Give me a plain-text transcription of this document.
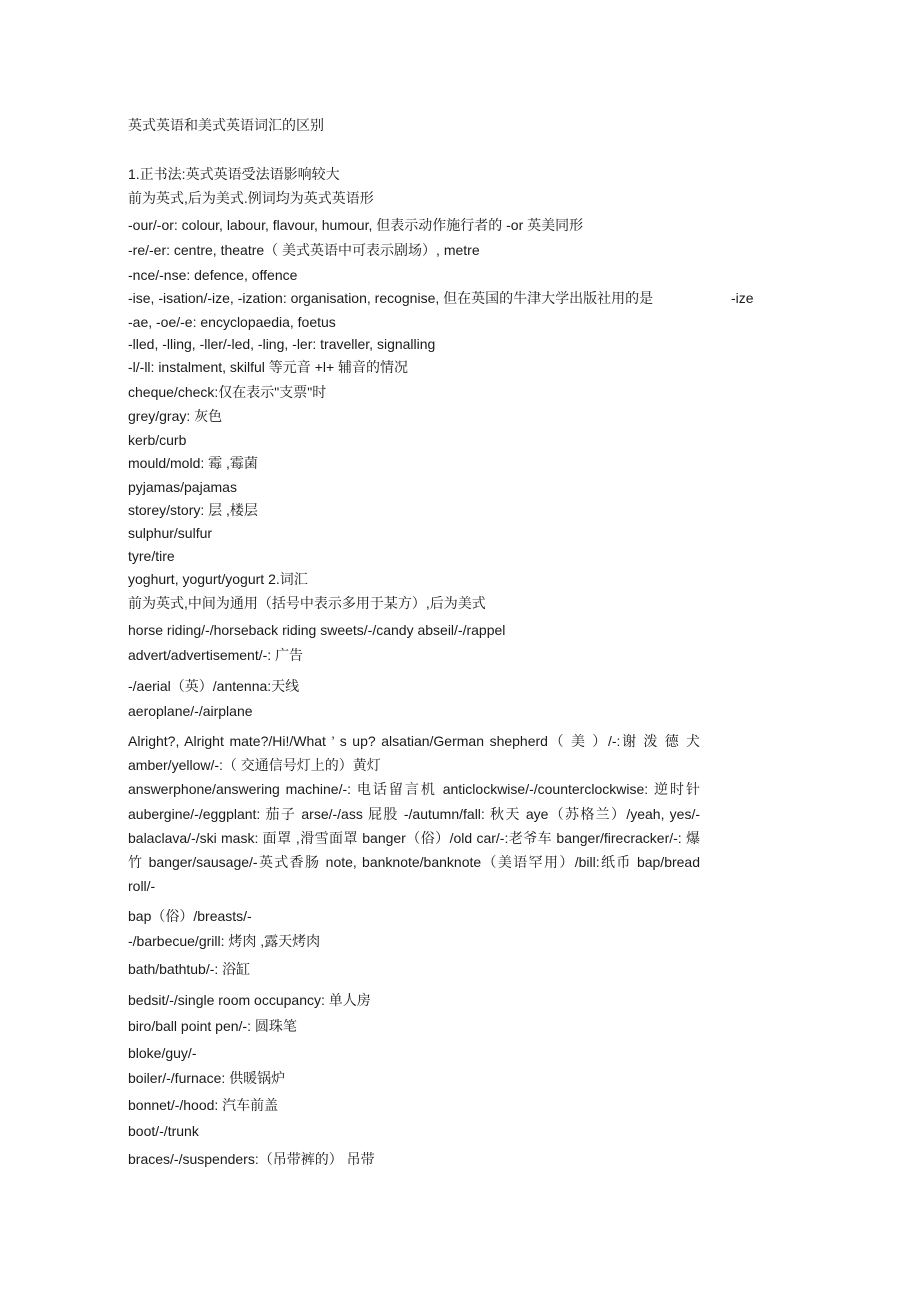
英式英语和美式英语词汇的区别
1.正书法:英式英语受法语影响较大
前为英式,后为美式.例词均为英式英语形
-our/-or: colour, labour, flavour, humour, 但表示动作施行者的 -or 英美同形
-re/-er: centre, theatre（ 美式英语中可表示剧场）, metre
-nce/-nse: defence, offence
-ise, -isation/-ize, -ization: organisation, recognise, 但在英国的牛津大学出版社用的是	-ize
-ae, -oe/-e: encyclopaedia, foetus
-lled, -lling, -ller/-led, -ling, -ler: traveller, signalling
-l/-ll: instalment, skilful 等元音 +l+ 辅音的情况
cheque/check:仅在表示"支票"时
grey/gray: 灰色
kerb/curb
mould/mold: 霉 ,霉菌
pyjamas/pajamas
storey/story: 层 ,楼层
sulphur/sulfur
tyre/tire
yoghurt, yogurt/yogurt 2.词汇
前为英式,中间为通用（括号中表示多用于某方）,后为美式
horse riding/-/horseback riding sweets/-/candy abseil/-/rappel
advert/advertisement/-: 广告
-/aerial（英）/antenna:天线
aeroplane/-/airplane
Alright?, Alright mate?/Hi!/What ’ s up? alsatian/German shepherd（ 美 ）/-:谢 泼 德 犬
amber/yellow/-:（ 交通信号灯上的）黄灯
answerphone/answering machine/-: 电话留言机 anticlockwise/-/counterclockwise: 逆时针
aubergine/-/eggplant: 茄子 arse/-/ass 屁股 -/autumn/fall: 秋天 aye（苏格兰）/yeah, yes/-
balaclava/-/ski mask: 面罩 ,滑雪面罩 banger（俗）/old car/-:老爷车 banger/firecracker/-: 爆
竹 banger/sausage/-英式香肠 note, banknote/banknote（美语罕用）/bill:纸币 bap/bread
roll/-
bap（俗）/breasts/-
-/barbecue/grill: 烤肉 ,露天烤肉
bath/bathtub/-: 浴缸
bedsit/-/single room occupancy: 单人房
biro/ball point pen/-: 圆珠笔
bloke/guy/-
boiler/-/furnace: 供暖锅炉
bonnet/-/hood: 汽车前盖
boot/-/trunk
braces/-/suspenders:（吊带裤的） 吊带
